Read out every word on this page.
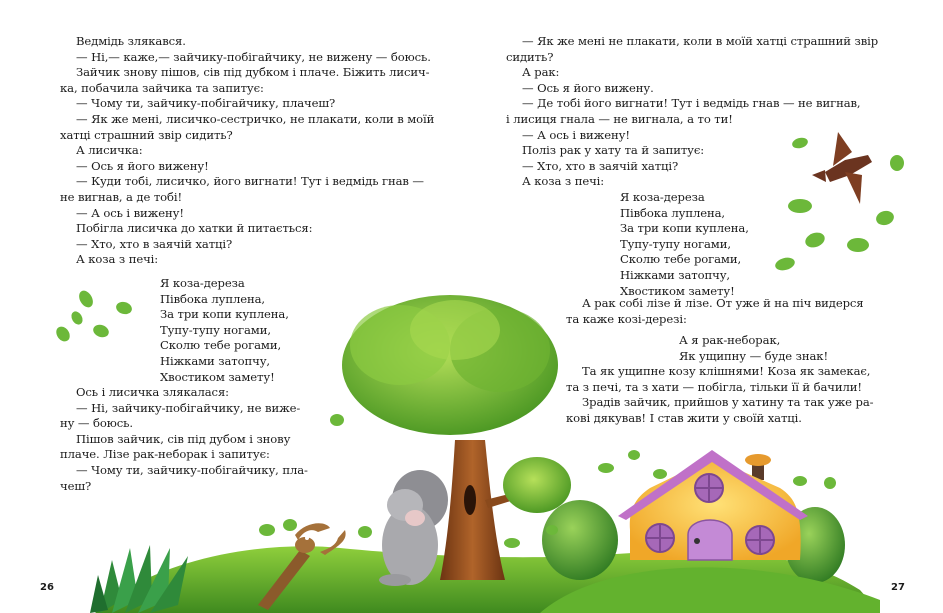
Ведмідь злякався.

— Ні,— каже,— зайчику-побігайчику, не вижену — боюсь.

Зайчик знову пішов, сів під дубком і плаче. Біжить лисич-

ка, побачила зайчика та запитує:

— Чому ти, зайчику-побігайчику, плачеш?

— Як же мені, лисичко-сестричко, не плакати, коли в моїй

хатці страшний звір сидить?

А лисичка:

— Ось я його вижену!

— Куди тобі, лисичко, його вигнати! Тут і ведмідь гнав —

не вигнав, а де тобі!

— А ось і вижену!

Побігла лисичка до хатки й питається:

— Хто, хто в заячій хатці?

А коза з печі:

Я коза-дереза

Півбока луплена,

За три копи куплена,

Тупу-тупу ногами,

Сколю тебе рогами,

Ніжками затопчу,

Хвостиком замету!

Ось і лисичка злякалася:

— Ні, зайчику-побігайчику, не виже-

ну — боюсь.

Пішов зайчик, сів під дубом і знову

плаче. Лізе рак-неборак і запитує:

— Чому ти, зайчику-побігайчику, пла-

чеш?

26

— Як же мені не плакати, коли в моїй хатці страшний звір

сидить?

А рак:

— Ось я його вижену.

— Де тобі його вигнати! Тут і ведмідь гнав — не вигнав,

і лисиця гнала — не вигнала, а то ти!

— А ось і вижену!

Поліз рак у хату та й запитує:

— Хто, хто в заячій хатці?

А коза з печі:

Я коза-дереза

Півбока луплена,

За три копи куплена,

Тупу-тупу ногами,

Сколю тебе рогами,

Ніжками затопчу,

Хвостиком замету!

А рак собі лізе й лізе. От уже й на піч видерся

та каже козі-дерезі:

А я рак-неборак,

Як ущипну — буде знак!

Та як ущипне козу клішнями! Коза як замекає,

та з печі, та з хати — побігла, тільки її й бачили!

Зрадів зайчик, прийшов у хатину та так уже ра-

кові дякував! І став жити у своїй хатці.

27
